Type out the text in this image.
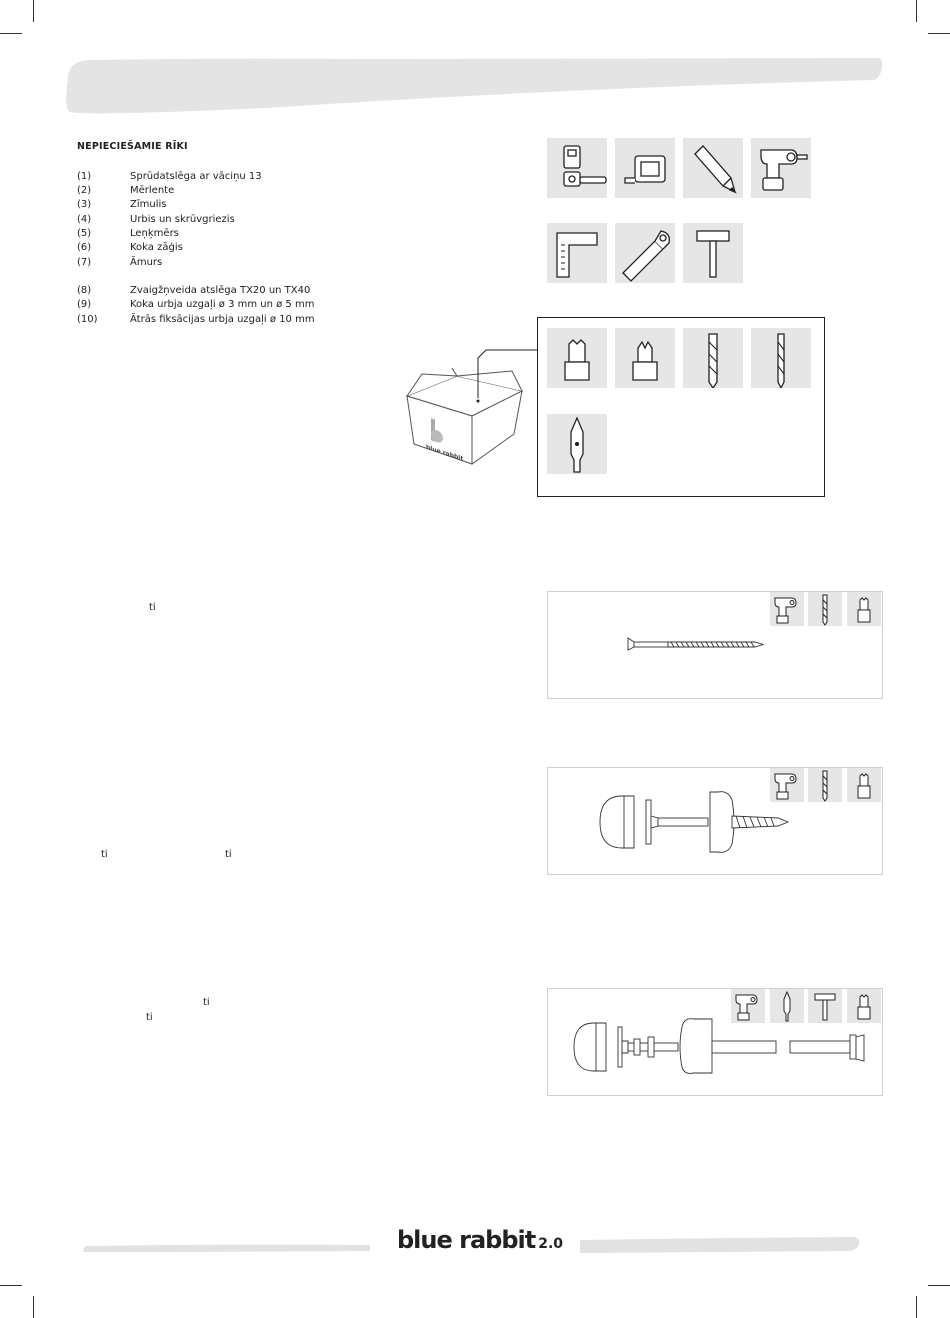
NEPIECIEŠAMIE RĪKI
(1)	Sprūdatslēga ar vāciņu 13
(2)	Mērlente
(3)	Zīmulis
(4)	Urbis un skrūvgriezis
(5)	Leņķmērs
(6)	Koka zāģis
(7)	Āmurs
(8)	Zvaigžņveida atslēga TX20 un TX40
(9)	Koka urbja uzgaļi ø 3 mm un ø 5 mm
(10)	Ātrās fiksācijas urbja uzgaļi ø 10 mm
blue rabbit
ti
ti	ti
ti
ti
blue rabbit 2.0
